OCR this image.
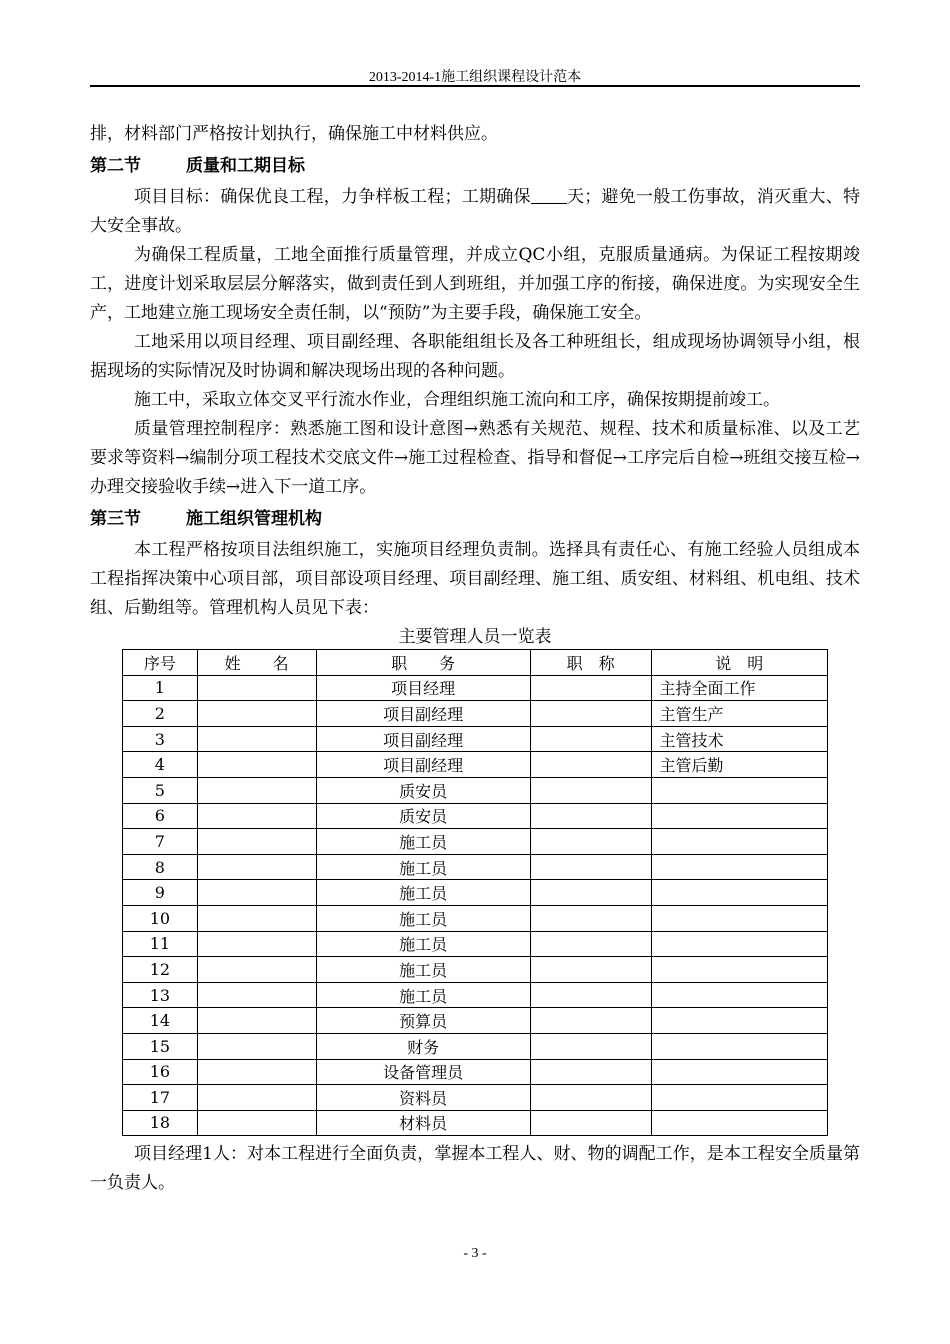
2013-2014-1施工组织课程设计范本

排，材料部门严格按计划执行，确保施工中材料供应。

第二节	质量和工期目标

项目目标：确保优良工程，力争样板工程；工期确保 天；避免一般工伤事故，消灭重大、特大安全事故。

为确保工程质量，工地全面推行质量管理，并成立QC小组，克服质量通病。为保证工程按期竣工，进度计划采取层层分解落实，做到责任到人到班组，并加强工序的衔接，确保进度。为实现安全生产，工地建立施工现场安全责任制，以“预防”为主要手段，确保施工安全。

工地采用以项目经理、项目副经理、各职能组组长及各工种班组长，组成现场协调领导小组，根据现场的实际情况及时协调和解决现场出现的各种问题。

施工中，采取立体交叉平行流水作业，合理组织施工流向和工序，确保按期提前竣工。

质量管理控制程序：熟悉施工图和设计意图→熟悉有关规范、规程、技术和质量标准、以及工艺要求等资料→编制分项工程技术交底文件→施工过程检查、指导和督促→工序完后自检→班组交接互检→办理交接验收手续→进入下一道工序。

第三节	施工组织管理机构

本工程严格按项目法组织施工，实施项目经理负责制。选择具有责任心、有施工经验人员组成本工程指挥决策中心项目部，项目部设项目经理、项目副经理、施工组、质安组、材料组、机电组、技术组、后勤组等。管理机构人员见下表：

主要管理人员一览表

序号	姓　　名	职　　务	职　称	说　明
1		项目经理		主持全面工作
2		项目副经理		主管生产
3		项目副经理		主管技术
4		项目副经理		主管后勤
5		质安员		
6		质安员		
7		施工员		
8		施工员		
9		施工员		
10		施工员		
11		施工员		
12		施工员		
13		施工员		
14		预算员		
15		财务		
16		设备管理员		
17		资料员		
18		材料员		

项目经理1人：对本工程进行全面负责，掌握本工程人、财、物的调配工作，是本工程安全质量第一负责人。

- 3 -
